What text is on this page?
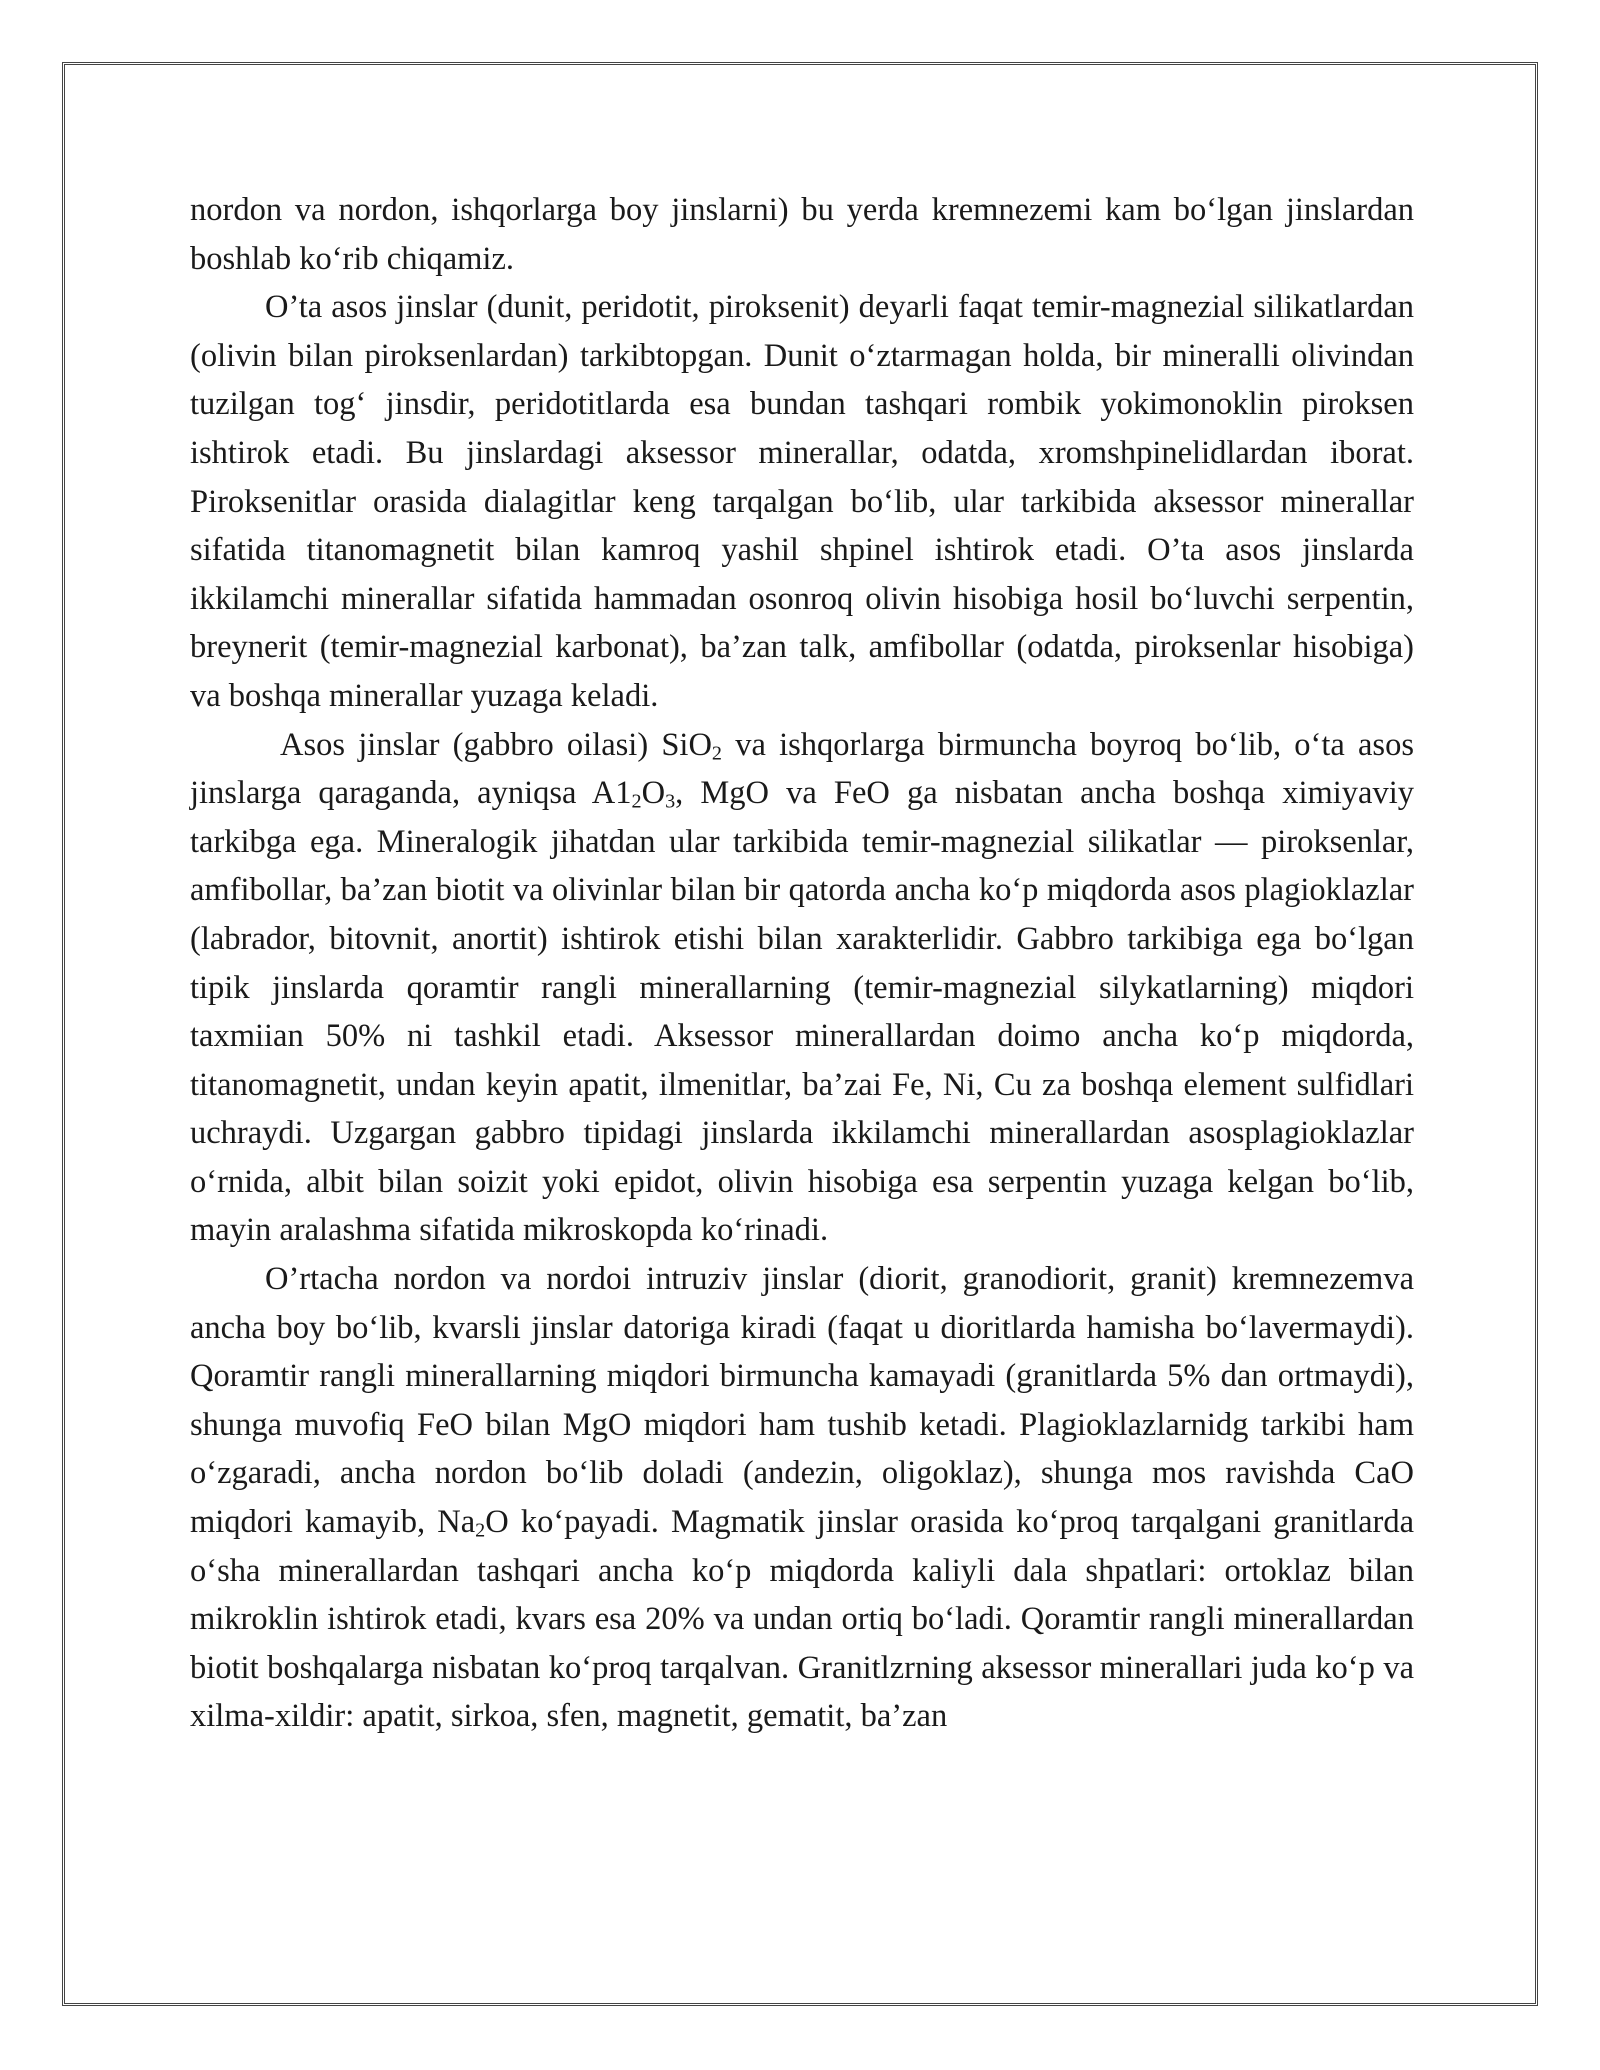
nordon va nordon, ishqorlarga boy jinslarni) bu yerda kremnezemi kam boʻlgan jinslardan boshlab koʻrib chiqamiz.

O’ta asos jinslar (dunit, peridotit, piroksenit) deyarli faqat temir-magnezial silikatlardan (olivin bilan piroksenlardan) tarkibtopgan. Dunit oʻztarmagan holda, bir mineralli olivindan tuzilgan togʻ jinsdir, peridotitlarda esa bundan tashqari rombik yokimonoklin piroksen ishtirok etadi. Bu jinslardagi aksessor minerallar, odatda, xromshpinelidlardan iborat. Piroksenitlar orasida dialagitlar keng tarqalgan boʻlib, ular tarkibida aksessor minerallar sifatida titanomagnetit bilan kamroq yashil shpinel ishtirok etadi. O’ta asos jinslarda ikkilamchi minerallar sifatida hammadan osonroq olivin hisobiga hosil boʻluvchi serpentin, breynerit (temir-magnezial karbonat), ba’zan talk, amfibollar (odatda, piroksenlar hisobiga) va boshqa minerallar yuzaga keladi.

Asos jinslar (gabbro oilasi) SiO$_2$ va ishqorlarga birmuncha boyroq boʻlib, oʻta asos jinslarga qaraganda, ayniqsa $A1_2O_3$, MgO va FeO ga nisbatan ancha boshqa ximiyaviy tarkibga ega. Mineralogik jihatdan ular tarkibida temir-magnezial silikatlar — piroksenlar, amfibollar, ba’zan biotit va olivinlar bilan bir qatorda ancha koʻp miqdorda asos plagioklazlar (labrador, bitovnit, anortit) ishtirok etishi bilan xarakterlidir. Gabbro tarkibiga ega boʻlgan tipik jinslarda qoramtir rangli minerallarning (temir-magnezial silykatlarning) miqdori taxmiian 50% ni tashkil etadi. Aksessor minerallardan doimo ancha koʻp miqdorda, titanomagnetit, undan keyin apatit, ilmenitlar, ba’zai Fe, Ni, Cu za boshqa element sulfidlari uchraydi. Uzgargan gabbro tipidagi jinslarda ikkilamchi minerallardan asosplagioklazlar oʻrnida, albit bilan soizit yoki epidot, olivin hisobiga esa serpentin yuzaga kelgan boʻlib, mayin aralashma sifatida mikroskopda koʻrinadi.

O’rtacha nordon va nordoi intruziv jinslar (diorit, granodiorit, granit) kremnezemva ancha boy boʻlib, kvarsli jinslar datoriga kiradi (faqat u dioritlarda hamisha boʻlavermaydi). Qoramtir rangli minerallarning miqdori birmuncha kamayadi (granitlarda 5% dan ortmaydi), shunga muvofiq FeO bilan MgO miqdori ham tushib ketadi. Plagioklazlarnidg tarkibi ham oʻzgaradi, ancha nordon boʻlib doladi (andezin, oligoklaz), shunga mos ravishda CaO miqdori kamayib, $Na_2O$ koʻpayadi. Magmatik jinslar orasida koʻproq tarqalgani granitlarda oʻsha minerallardan tashqari ancha koʻp miqdorda kaliyli dala shpatlari: ortoklaz bilan mikroklin ishtirok etadi, kvars esa 20% va undan ortiq boʻladi. Qoramtir rangli minerallardan biotit boshqalarga nisbatan koʻproq tarqalvan. Granitlzrning aksessor minerallari juda koʻp va xilma-xildir: apatit, sirkoa, sfen, magnetit, gematit, ba’zan
